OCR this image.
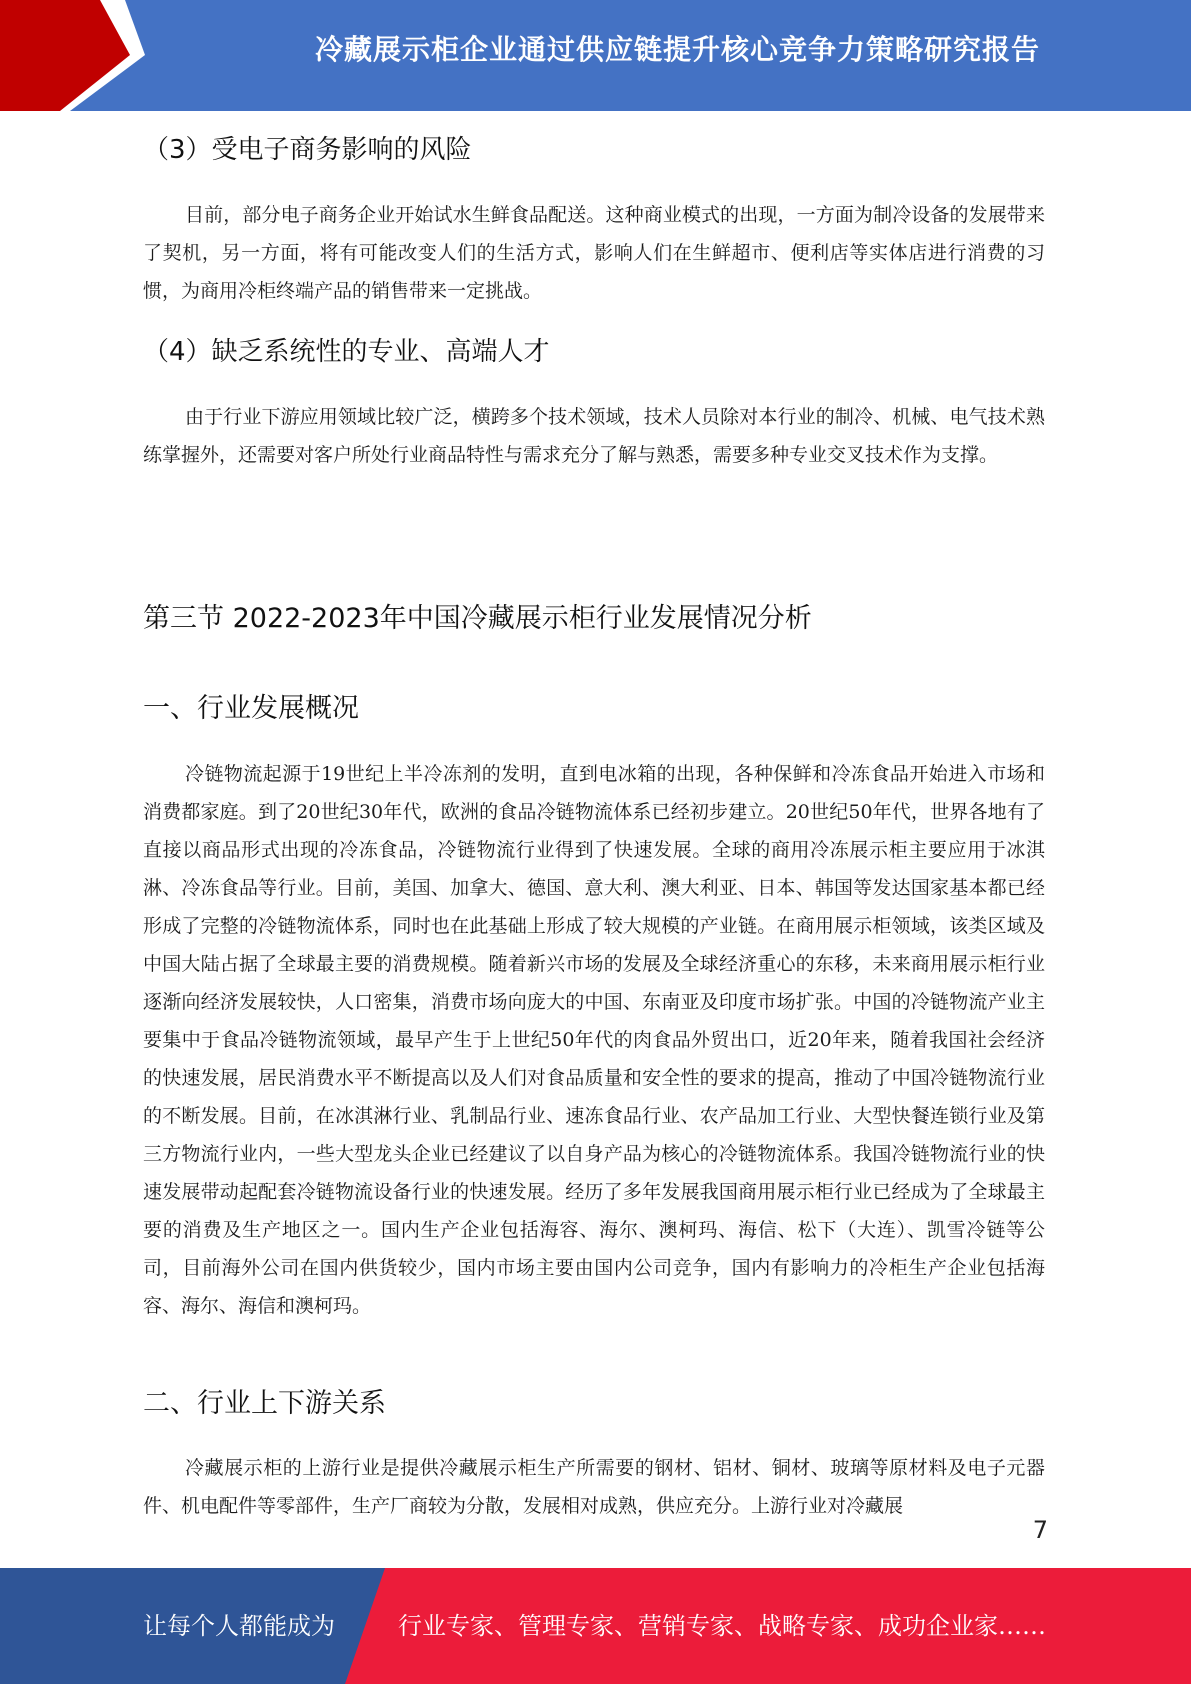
冷藏展示柜企业通过供应链提升核心竞争力策略研究报告
（3）受电子商务影响的风险

目前，部分电子商务企业开始试水生鲜食品配送。这种商业模式的出现，一方面为制冷设备的发展带来了契机，另一方面，将有可能改变人们的生活方式，影响人们在生鲜超市、便利店等实体店进行消费的习惯，为商用冷柜终端产品的销售带来一定挑战。

（4）缺乏系统性的专业、高端人才

由于行业下游应用领域比较广泛，横跨多个技术领域，技术人员除对本行业的制冷、机械、电气技术熟练掌握外，还需要对客户所处行业商品特性与需求充分了解与熟悉，需要多种专业交叉技术作为支撑。

第三节 2022-2023年中国冷藏展示柜行业发展情况分析
一、行业发展概况

冷链物流起源于19世纪上半冷冻剂的发明，直到电冰箱的出现，各种保鲜和冷冻食品开始进入市场和消费都家庭。到了20世纪30年代，欧洲的食品冷链物流体系已经初步建立。20世纪50年代，世界各地有了直接以商品形式出现的冷冻食品，冷链物流行业得到了快速发展。全球的商用冷冻展示柜主要应用于冰淇淋、冷冻食品等行业。目前，美国、加拿大、德国、意大利、澳大利亚、日本、韩国等发达国家基本都已经形成了完整的冷链物流体系，同时也在此基础上形成了较大规模的产业链。在商用展示柜领域，该类区域及中国大陆占据了全球最主要的消费规模。随着新兴市场的发展及全球经济重心的东移，未来商用展示柜行业逐渐向经济发展较快，人口密集，消费市场向庞大的中国、东南亚及印度市场扩张。中国的冷链物流产业主要集中于食品冷链物流领域，最早产生于上世纪50年代的肉食品外贸出口，近20年来，随着我国社会经济的快速发展，居民消费水平不断提高以及人们对食品质量和安全性的要求的提高，推动了中国冷链物流行业的不断发展。目前，在冰淇淋行业、乳制品行业、速冻食品行业、农产品加工行业、大型快餐连锁行业及第三方物流行业内，一些大型龙头企业已经建议了以自身产品为核心的冷链物流体系。我国冷链物流行业的快速发展带动起配套冷链物流设备行业的快速发展。经历了多年发展我国商用展示柜行业已经成为了全球最主要的消费及生产地区之一。国内生产企业包括海容、海尔、澳柯玛、海信、松下（大连）、凯雪冷链等公司，目前海外公司在国内供货较少，国内市场主要由国内公司竞争，国内有影响力的冷柜生产企业包括海容、海尔、海信和澳柯玛。

二、行业上下游关系

冷藏展示柜的上游行业是提供冷藏展示柜生产所需要的钢材、铝材、铜材、玻璃等原材料及电子元器件、机电配件等零部件，生产厂商较为分散，发展相对成熟，供应充分。上游行业对冷藏展

7
让每个人都能成为	行业专家、管理专家、营销专家、战略专家、成功企业家……
